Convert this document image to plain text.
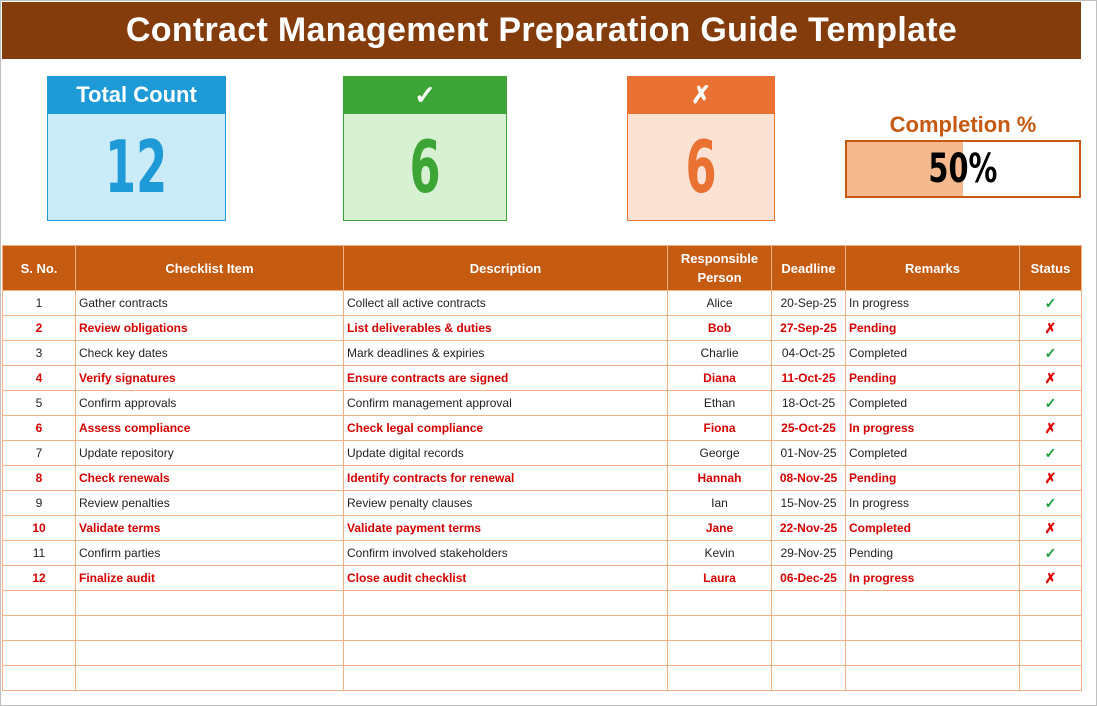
Contract Management Preparation Guide Template
Total Count
12
✓
6
✗
6
Completion %
50%
S. No.	Checklist Item	Description	Responsible Person	Deadline	Remarks	Status
1	Gather contracts	Collect all active contracts	Alice	20-Sep-25	In progress	✓
2	Review obligations	List deliverables & duties	Bob	27-Sep-25	Pending	✗
3	Check key dates	Mark deadlines & expiries	Charlie	04-Oct-25	Completed	✓
4	Verify signatures	Ensure contracts are signed	Diana	11-Oct-25	Pending	✗
5	Confirm approvals	Confirm management approval	Ethan	18-Oct-25	Completed	✓
6	Assess compliance	Check legal compliance	Fiona	25-Oct-25	In progress	✗
7	Update repository	Update digital records	George	01-Nov-25	Completed	✓
8	Check renewals	Identify contracts for renewal	Hannah	08-Nov-25	Pending	✗
9	Review penalties	Review penalty clauses	Ian	15-Nov-25	In progress	✓
10	Validate terms	Validate payment terms	Jane	22-Nov-25	Completed	✗
11	Confirm parties	Confirm involved stakeholders	Kevin	29-Nov-25	Pending	✓
12	Finalize audit	Close audit checklist	Laura	06-Dec-25	In progress	✗
